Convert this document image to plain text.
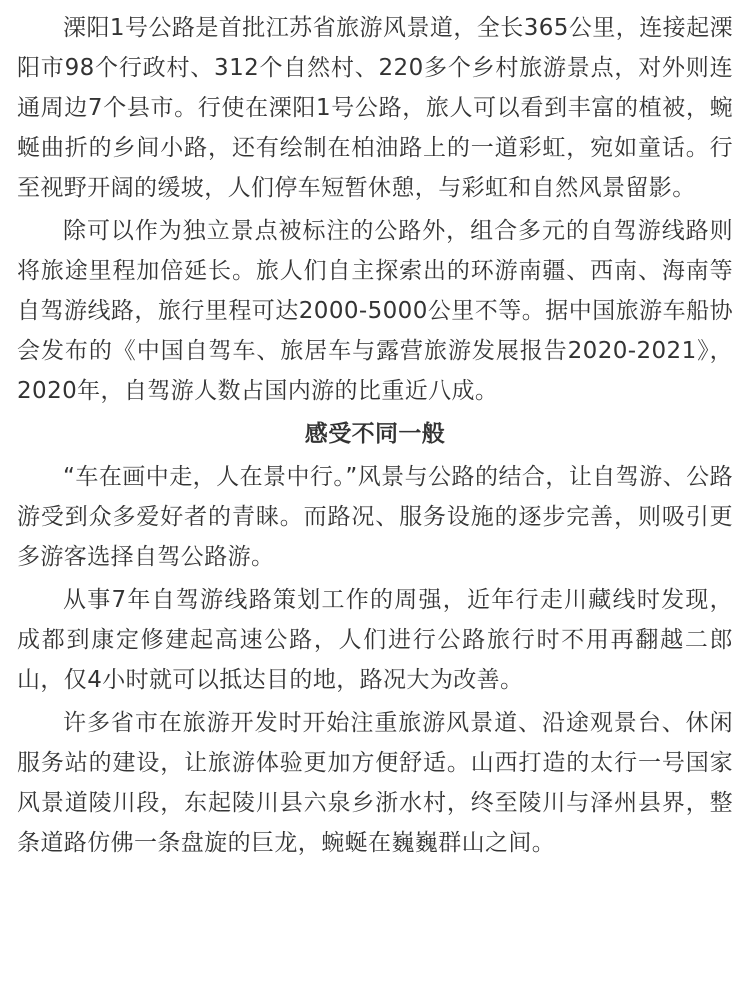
溧阳1号公路是首批江苏省旅游风景道，全长365公里，连接起溧阳市98个行政村、312个自然村、220多个乡村旅游景点，对外则连通周边7个县市。行使在溧阳1号公路，旅人可以看到丰富的植被，蜿蜒曲折的乡间小路，还有绘制在柏油路上的一道彩虹，宛如童话。行至视野开阔的缓坡，人们停车短暂休憩，与彩虹和自然风景留影。

除可以作为独立景点被标注的公路外，组合多元的自驾游线路则将旅途里程加倍延长。旅人们自主探索出的环游南疆、西南、海南等自驾游线路，旅行里程可达2000-5000公里不等。据中国旅游车船协会发布的《中国自驾车、旅居车与露营旅游发展报告2020-2021》，2020年，自驾游人数占国内游的比重近八成。

感受不同一般

“车在画中走，人在景中行。”风景与公路的结合，让自驾游、公路游受到众多爱好者的青睐。而路况、服务设施的逐步完善，则吸引更多游客选择自驾公路游。

从事7年自驾游线路策划工作的周强，近年行走川藏线时发现，成都到康定修建起高速公路，人们进行公路旅行时不用再翻越二郎山，仅4小时就可以抵达目的地，路况大为改善。

许多省市在旅游开发时开始注重旅游风景道、沿途观景台、休闲服务站的建设，让旅游体验更加方便舒适。山西打造的太行一号国家风景道陵川段，东起陵川县六泉乡浙水村，终至陵川与泽州县界，整条道路仿佛一条盘旋的巨龙，蜿蜒在巍巍群山之间。
